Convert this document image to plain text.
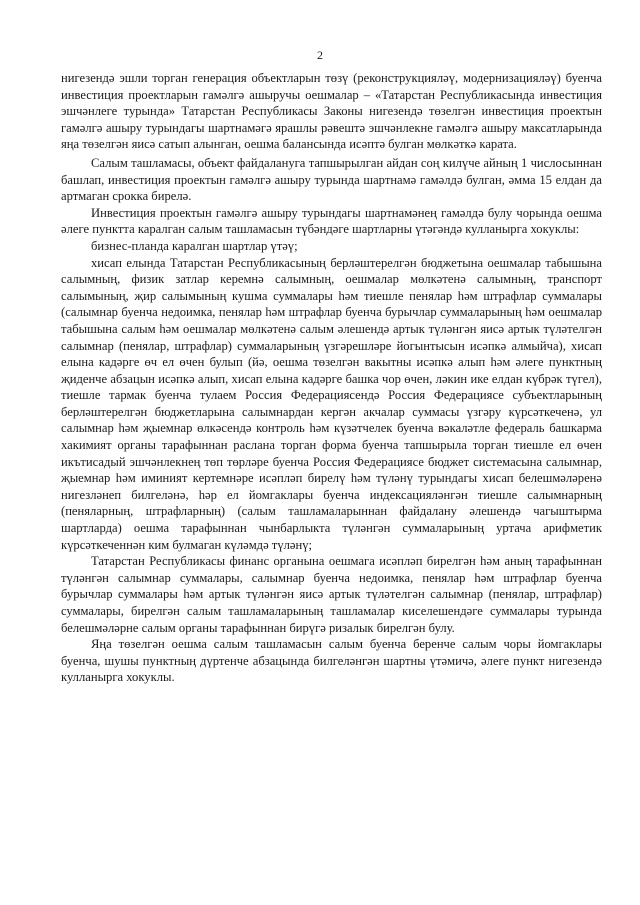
2

нигезендә эшли торган генерация объектларын төзү (реконструкцияләү, модернизацияләү) буенча инвестиция проектларын гамәлгә ашыручы оешмалар – «Татарстан Республикасында инвестиция эшчәнлеге турында» Татарстан Республикасы Законы нигезендә төзелгән инвестиция проектын гамәлгә ашыру турындагы шартнамәгә ярашлы рәвештә эшчәнлекне гамәлгә ашыру максатларында яңа төзелгән яисә сатып алынган, оешма балансында исәптә булган мөлкәткә карата.

Салым ташламасы, объект файдалануга тапшырылган айдан соң килүче айның 1 числосыннан башлап, инвестиция проектын гамәлгә ашыру турында шартнамә гамәлдә булган, әмма 15 елдан да артмаган срокка бирелә.

Инвестиция проектын гамәлгә ашыру турындагы шартнамәнең гамәлдә булу чорында оешма әлеге пунктта каралган салым ташламасын түбәндәге шартларны үтәгәндә кулланырга хокуклы:

бизнес-планда каралган шартлар үтәү;

хисап елында Татарстан Республикасының берләштерелгән бюджетына оешмалар табышына салымның, физик затлар керемнә салымның, оешмалар мөлкәтенә салымның, транспорт салымының, җир салымының кушма суммалары һәм тиешле пенялар һәм штрафлар суммалары (салымнар буенча недоимка, пенялар һәм штрафлар буенча бурычлар суммаларының һәм оешмалар табышына салым һәм оешмалар мөлкәтенә салым әлешендә артык түләнгән яисә артык түләтелгән салымнар (пенялар, штрафлар) суммаларының үзгәрешләре йогынтысын исәпкә алмыйча), хисап елына кадәрге өч ел өчен булып (йә, оешма төзелгән вакытны исәпкә алып һәм әлеге пунктның җиденче абзацын исәпкә алып, хисап елына кадәрге башка чор өчен, ләкин ике елдан күбрәк түгел), тиешле тармак буенча тулаем Россия Федерациясендә Россия Федерациясе субъектларының берләштерелгән бюджетларына салымнардан кергән акчалар суммасы үзгәру күрсәткеченә, ул салымнар һәм җыемнар өлкәсендә контроль һәм күзәтчелек буенча вәкаләтле федераль башкарма хакимият органы тарафыннан раслана торган форма буенча тапшырыла торган тиешле ел өчен икътисадый эшчәнлекнең төп төрләре буенча Россия Федерациясе бюджет системасына салымнар, җыемнар һәм иминият кертемнәре исәпләп бирелү һәм түләнү турындагы хисап белешмәләренә нигезләнеп билгеләнә, һәр ел йомгаклары буенча индексацияләнгән тиешле салымнарның (пеняларның, штрафларның) (салым ташламаларыннан файдалану әлешендә чагыштырма шартларда) оешма тарафыннан чынбарлыкта түләнгән суммаларының уртача арифметик күрсәткеченнән ким булмаган күләмдә түләнү;

Татарстан Республикасы финанс органына оешмага исәпләп бирелгән һәм аның тарафыннан түләнгән салымнар суммалары, салымнар буенча недоимка, пенялар һәм штрафлар буенча бурычлар суммалары һәм артык түләнгән яисә артык түләтелгән салымнар (пенялар, штрафлар) суммалары, бирелгән салым ташламаларының ташламалар киселешендәге суммалары турында белешмәләрне салым органы тарафыннан бирүгә ризалык бирелгән булу.

Яңа төзелгән оешма салым ташламасын салым буенча беренче салым чоры йомгаклары буенча, шушы пунктның дүртенче абзацында билгеләнгән шартны үтәмичә, әлеге пункт нигезендә кулланырга хокуклы.
